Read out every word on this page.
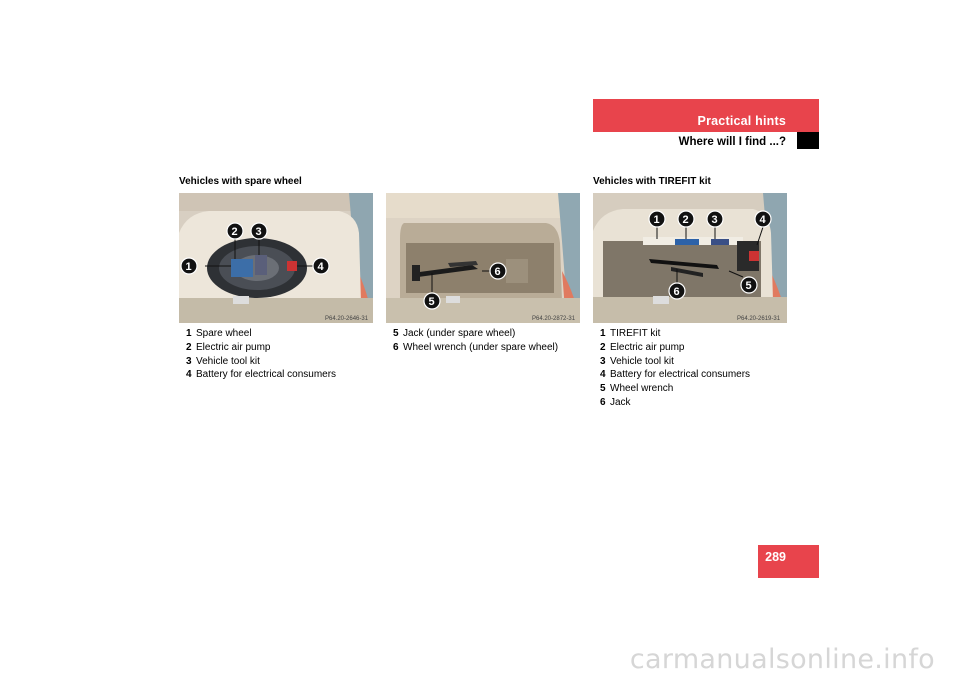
Practical hints
Where will I find ...?
Vehicles with spare wheel
P64.20-2646-31
1
2 3
4
P64.20-2872-31
5
6
Vehicles with TIREFIT kit
P64.20-2619-31
1 2 3	4
5
6
1 Spare wheel
2 Electric air pump
3 Vehicle tool kit
4 Battery for electrical consumers
5 Jack (under spare wheel)
6 Wheel wrench (under spare wheel)
1 TIREFIT kit
2 Electric air pump
3 Vehicle tool kit
4 Battery for electrical consumers
5 Wheel wrench
6 Jack
289
carmanualsonline.info
